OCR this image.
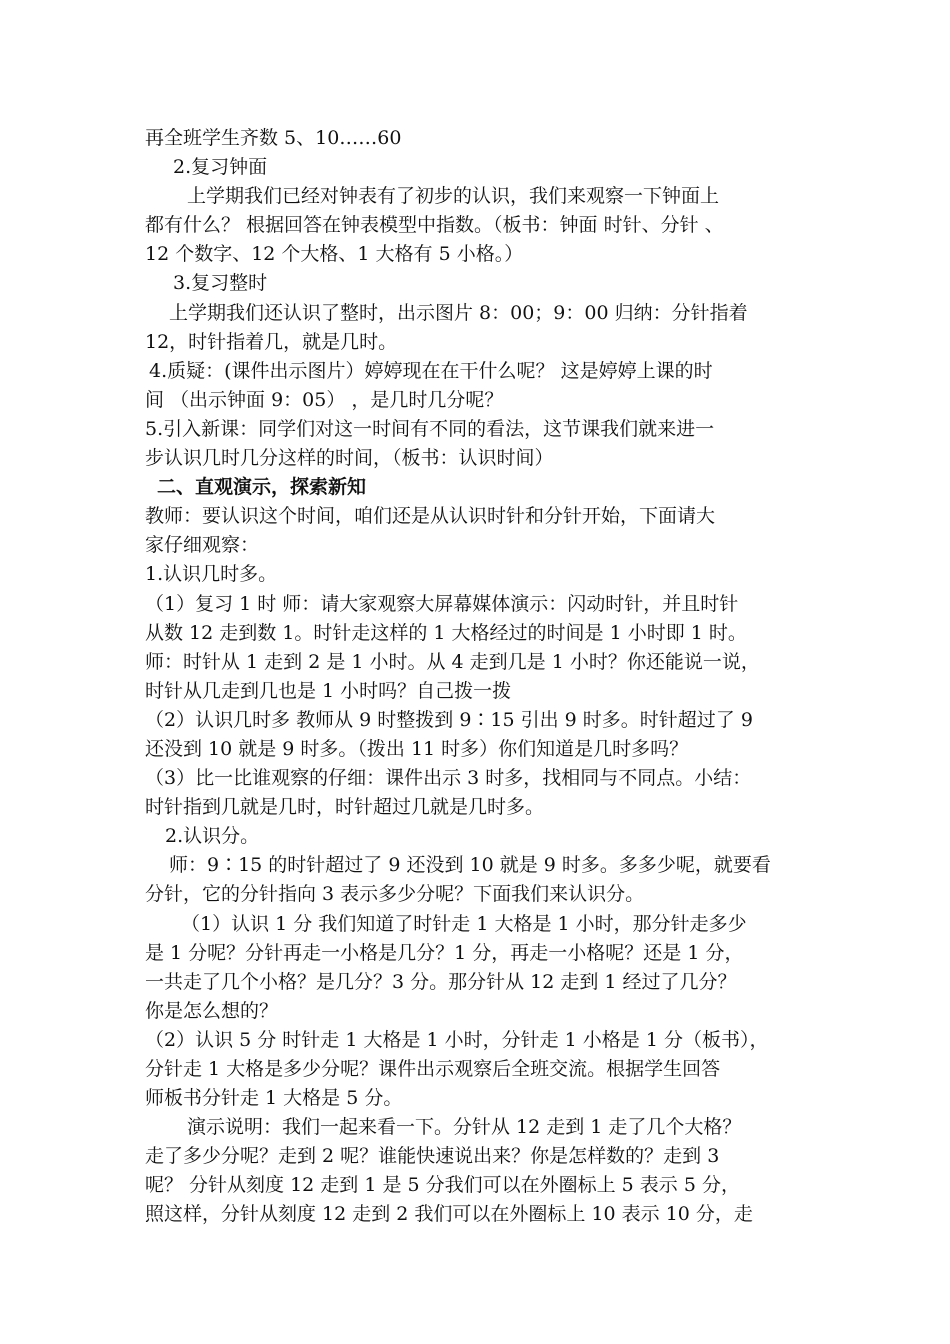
再全班学生齐数 5、10……60

2.复习钟面

上学期我们已经对钟表有了初步的认识，我们来观察一下钟面上

都有什么？ 根据回答在钟表模型中指数。（板书：钟面 时针、分针 、

12 个数字、12 个大格、1 大格有 5 小格。）

3.复习整时

上学期我们还认识了整时，出示图片 8：00；9：00 归纳：分针指着

12，时针指着几，就是几时。

4.质疑：(课件出示图片）婷婷现在在干什么呢？ 这是婷婷上课的时

间 （出示钟面 9：05） ，是几时几分呢？

5.引入新课：同学们对这一时间有不同的看法，这节课我们就来进一

步认识几时几分这样的时间，（板书：认识时间）

二、直观演示，探索新知

教师：要认识这个时间，咱们还是从认识时针和分针开始，下面请大

家仔细观察：

1.认识几时多。

（1）复习 1 时 师：请大家观察大屏幕媒体演示：闪动时针，并且时针

从数 12 走到数 1。时针走这样的 1 大格经过的时间是 1 小时即 1 时。

师：时针从 1 走到 2 是 1 小时。从 4 走到几是 1 小时？你还能说一说，

时针从几走到几也是 1 小时吗？自己拨一拨

（2）认识几时多 教师从 9 时整拨到 9∶15 引出 9 时多。时针超过了 9

还没到 10 就是 9 时多。（拨出 11 时多）你们知道是几时多吗？

（3）比一比谁观察的仔细：课件出示 3 时多，找相同与不同点。小结：

时针指到几就是几时，时针超过几就是几时多。

2.认识分。

师：9∶15 的时针超过了 9 还没到 10 就是 9 时多。多多少呢，就要看

分针，它的分针指向 3 表示多少分呢？下面我们来认识分。

（1）认识 1 分 我们知道了时针走 1 大格是 1 小时，那分针走多少

是 1 分呢？分针再走一小格是几分？1 分，再走一小格呢？还是 1 分，

一共走了几个小格？是几分？3 分。那分针从 12 走到 1 经过了几分？

你是怎么想的？

（2）认识 5 分 时针走 1 大格是 1 小时，分针走 1 小格是 1 分（板书），

分针走 1 大格是多少分呢？课件出示观察后全班交流。根据学生回答

师板书分针走 1 大格是 5 分。

演示说明：我们一起来看一下。分针从 12 走到 1 走了几个大格？

走了多少分呢？走到 2 呢？谁能快速说出来？你是怎样数的？走到 3

呢？ 分针从刻度 12 走到 1 是 5 分我们可以在外圈标上 5 表示 5 分，

照这样，分针从刻度 12 走到 2 我们可以在外圈标上 10 表示 10 分，走
